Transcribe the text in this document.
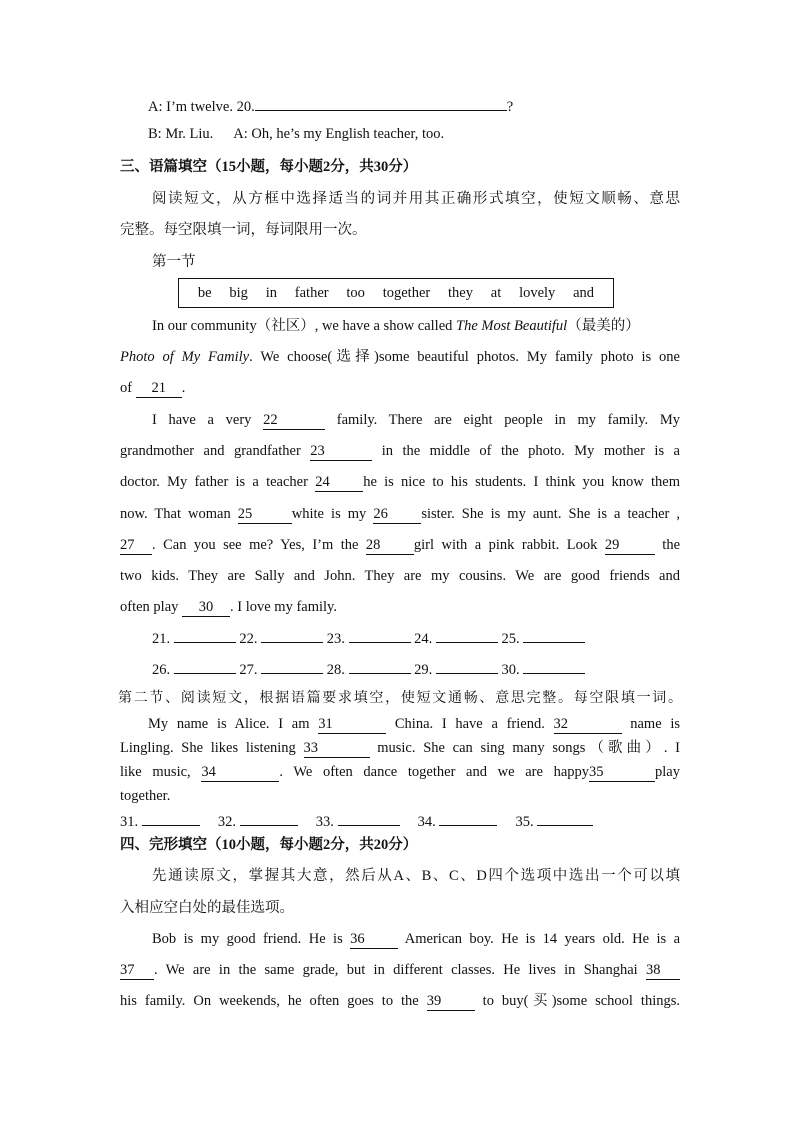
A: I’m twelve. 20.	?
B: Mr. Liu. A: Oh, he’s my English teacher, too.
三、语篇填空（15小题，每小题2分，共30分）
阅读短文，从方框中选择适当的词并用其正确形式填空，使短文顺畅、意思
完整。每空限填一词，每词限用一次。
第一节
be big in father too together they at lovely and
In our community（社区）, we have a show called The Most Beautiful（最美的）
Photo of My Family. We choose(选择)some beautiful photos. My family photo is one
of 21 .
I have a very 22	family. There are eight people in my family. My
grandmother and grandfather 23	in the middle of the photo. My mother is a
doctor. My father is a teacher 24 he is nice to his students. I think you know them
now. That woman 25	white is my 26 sister. She is my aunt. She is a teacher ,
27 . Can you see me? Yes, I’m the 28 girl with a pink rabbit. Look 29 the
two kids. They are Sally and John. They are my cousins. We are good friends and
often play 30 . I love my family.
21.	22.	23.	24.	25.
26.	27.	28.	29.	30.
第二节、阅读短文，根据语篇要求填空，使短文通畅、意思完整。每空限填一词。
My name is Alice. I am 31	China. I have a friend. 32	name is
Lingling. She likes listening 33	music. She can sing many songs（歌曲）. I
like music, 34	. We often dance together and we are happy35	play
together.
31.	32.	33.	34.	35.
四、完形填空（10小题，每小题2分，共20分）
先通读原文，掌握其大意，然后从A、B、C、D四个选项中选出一个可以填
入相应空白处的最佳选项。
Bob is my good friend. He is 36 American boy. He is 14 years old. He is a
37 . We are in the same grade, but in different classes. He lives in Shanghai 38
his family. On weekends, he often goes to the 39 to buy(买)some school things.
